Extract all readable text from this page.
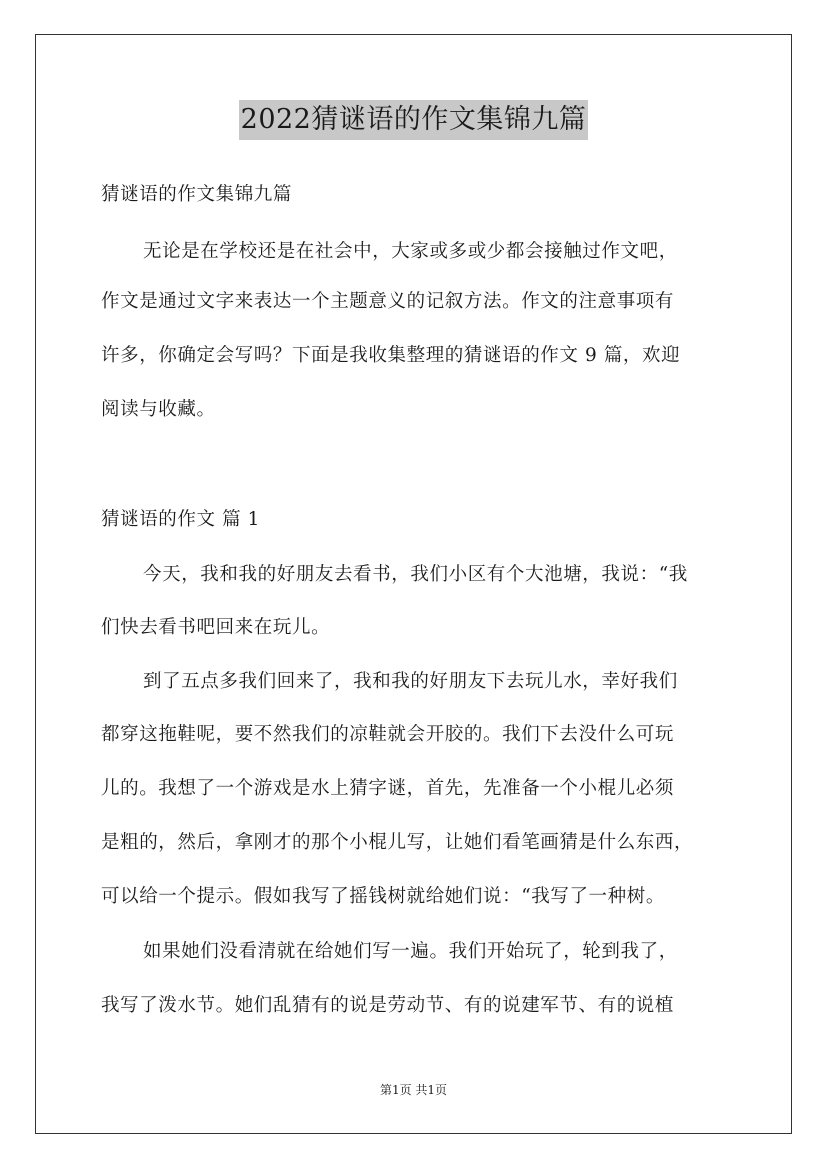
2022猜谜语的作文集锦九篇
猜谜语的作文集锦九篇
无论是在学校还是在社会中，大家或多或少都会接触过作文吧，
作文是通过文字来表达一个主题意义的记叙方法。作文的注意事项有
许多，你确定会写吗？下面是我收集整理的猜谜语的作文 9 篇，欢迎
阅读与收藏。
猜谜语的作文 篇 1
今天，我和我的好朋友去看书，我们小区有个大池塘，我说：“我
们快去看书吧回来在玩儿。
到了五点多我们回来了，我和我的好朋友下去玩儿水，幸好我们
都穿这拖鞋呢，要不然我们的凉鞋就会开胶的。我们下去没什么可玩
儿的。我想了一个游戏是水上猜字谜，首先，先准备一个小棍儿必须
是粗的，然后，拿刚才的那个小棍儿写，让她们看笔画猜是什么东西，
可以给一个提示。假如我写了摇钱树就给她们说：“我写了一种树。
如果她们没看清就在给她们写一遍。我们开始玩了，轮到我了，
我写了泼水节。她们乱猜有的说是劳动节、有的说建军节、有的说植
第1页 共1页
